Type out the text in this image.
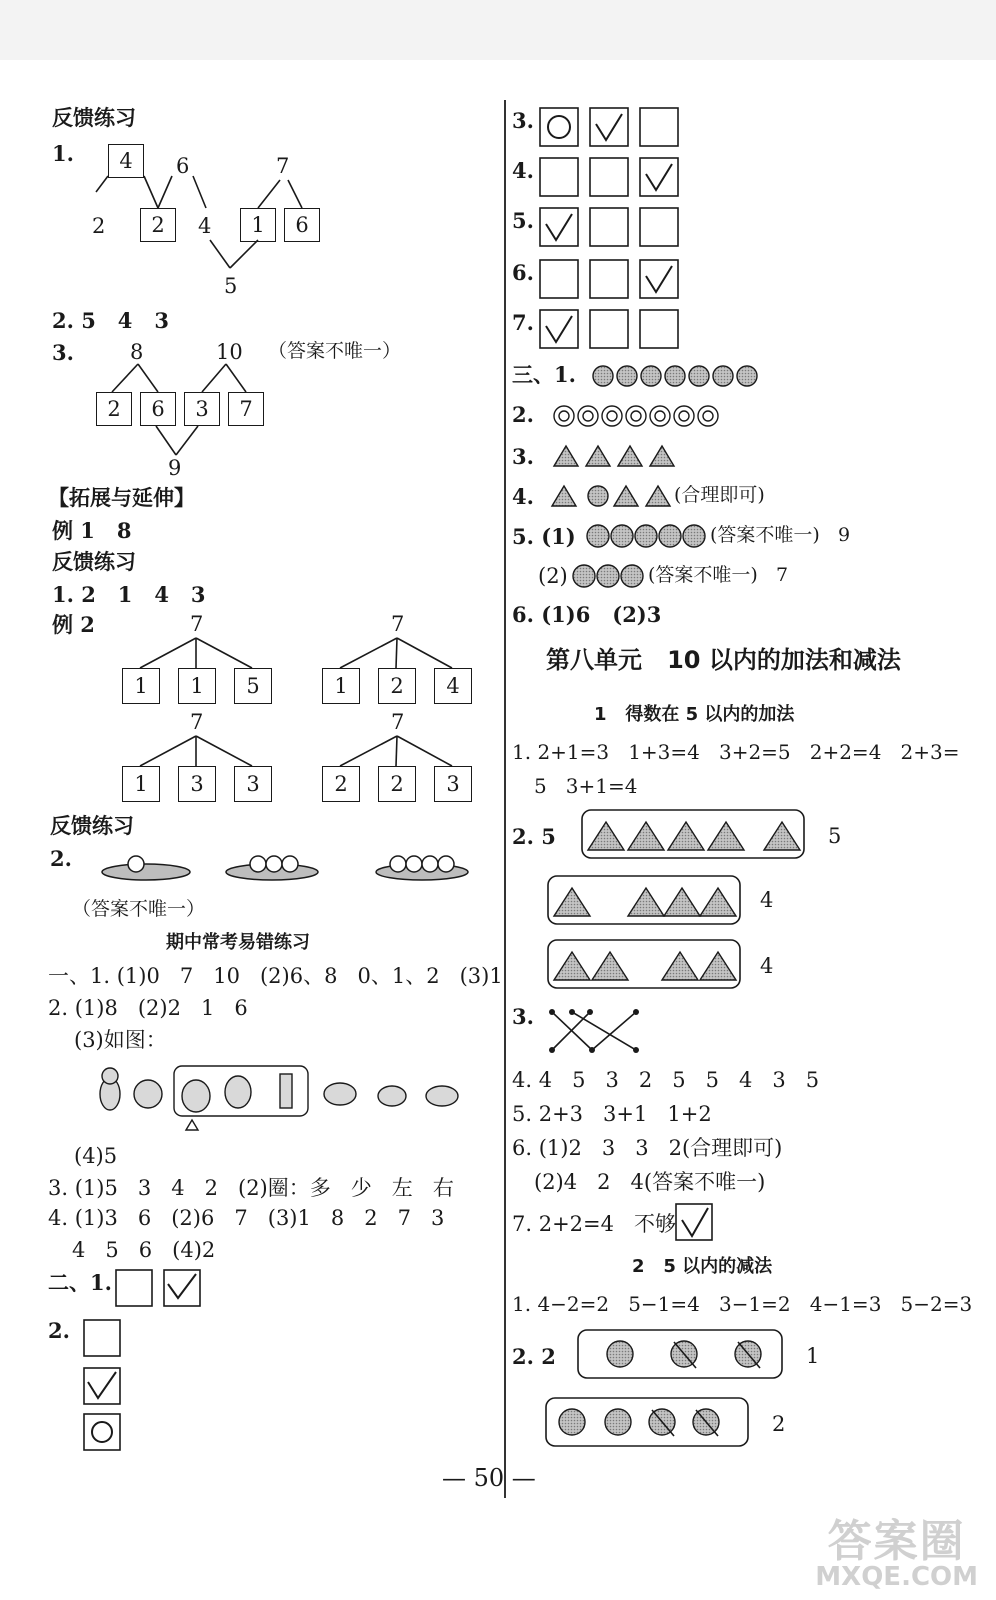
反馈练习
1.	4
2	2
6
4
7
1	6
5
2. 5   4   3
3.	8	10 （答案不唯一）
2	6	3	7
9
【拓展与延伸】
例 1   8
反馈练习
1. 2   1   4   3
例 2	7
1	1	5
7
1	2	4
7
1	3	3
7
2	2	3
反馈练习
2.
（答案不唯一）
期中常考易错练习
一、1. (1)0   7   10   (2)6、8   0、1、2   (3)1
2. (1)8   (2)2   1   6
(3)如图：
(4)5
3. (1)5   3   4   2   (2)圈：多   少   左   右
4. (1)3   6   (2)6   7   (3)1   8   2   7   3
4   5   6   (4)2
二、1.
2.
3.
4.
5.
6.
7.
三、1.
2.
3.
4.	(合理即可)
5. (1)	(答案不唯一)   9
(2)	(答案不唯一)   7
6. (1)6   (2)3
第八单元   10 以内的加法和减法
1   得数在 5 以内的加法
1. 2+1=3   1+3=4   3+2=5   2+2=4   2+3=
5   3+1=4
2. 5	5
4
4
3.
4. 4   5   3   2   5   5   4   3   5
5. 2+3   3+1   1+2
6. (1)2   3   3   2(合理即可)
(2)4   2   4(答案不唯一)
7. 2+2=4   不够
2   5 以内的减法
1. 4−2=2   5−1=4   3−1=2   4−1=3   5−2=3
2. 2	1
2
— 50 —
答案圈
MXQE.COM
